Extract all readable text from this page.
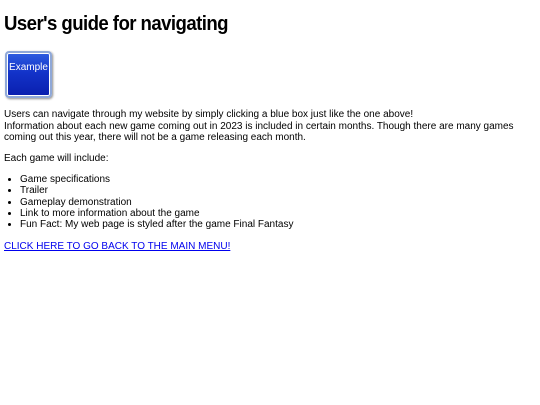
User's guide for navigating
Example

Users can navigate through my website by simply clicking a blue box just like the one above!
Information about each new game coming out in 2023 is included in certain months. Though there are many games coming out this year, there will not be a game releasing each month.

Each game will include:

• Game specifications
• Trailer
• Gameplay demonstration
• Link to more information about the game
• Fun Fact: My web page is styled after the game Final Fantasy
CLICK HERE TO GO BACK TO THE MAIN MENU!
